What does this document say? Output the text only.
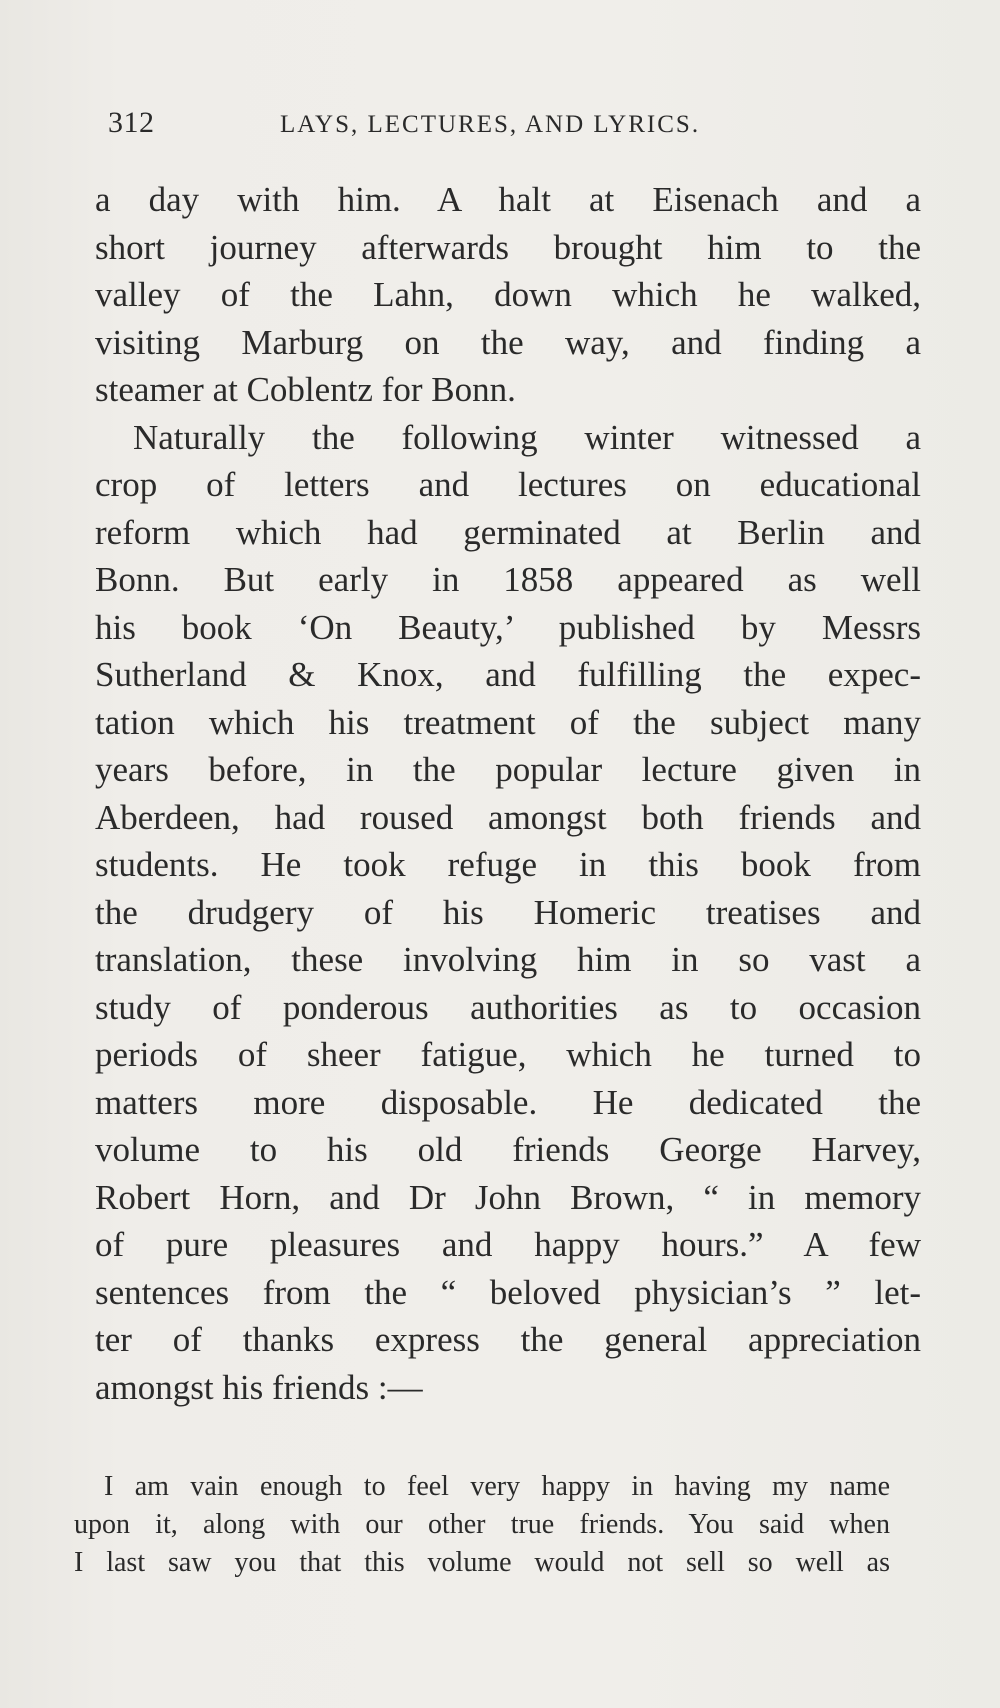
312	LAYS, LECTURES, AND LYRICS.
a day with him. A halt at Eisenach and a
short journey afterwards brought him to the
valley of the Lahn, down which he walked,
visiting Marburg on the way, and finding a
steamer at Coblentz for Bonn.
Naturally the following winter witnessed a
crop of letters and lectures on educational
reform which had germinated at Berlin and
Bonn. But early in 1858 appeared as well
his book ‘On Beauty,’ published by Messrs
Sutherland & Knox, and fulfilling the expec-
tation which his treatment of the subject many
years before, in the popular lecture given in
Aberdeen, had roused amongst both friends and
students. He took refuge in this book from
the drudgery of his Homeric treatises and
translation, these involving him in so vast a
study of ponderous authorities as to occasion
periods of sheer fatigue, which he turned to
matters more disposable. He dedicated the
volume to his old friends George Harvey,
Robert Horn, and Dr John Brown, “ in memory
of pure pleasures and happy hours.” A few
sentences from the “ beloved physician’s ” let-
ter of thanks express the general appreciation
amongst his friends :—
I am vain enough to feel very happy in having my name
upon it, along with our other true friends. You said when
I last saw you that this volume would not sell so well as
